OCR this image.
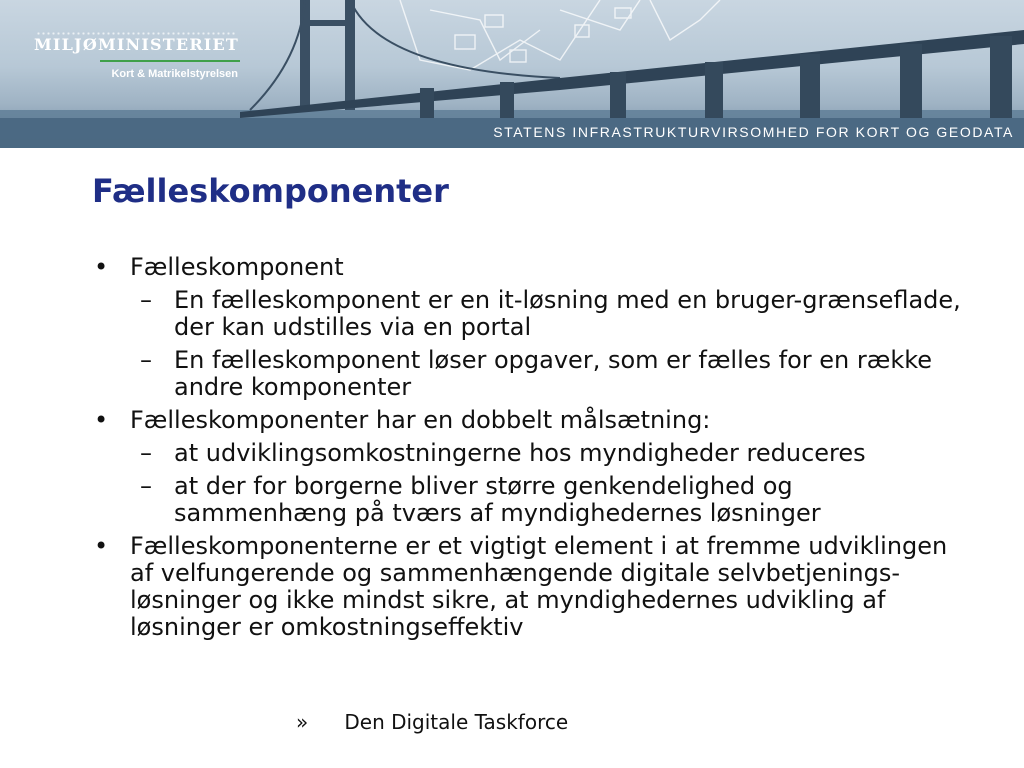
MILJØMINISTERIET
Kort & Matrikelstyrelsen
STATENS INFRASTRUKTURVIRSOMHED FOR KORT OG GEODATA
Fælleskomponenter
• Fælleskomponent
– En fælleskomponent er en it-løsning med en bruger-grænseflade, der kan udstilles via en portal
– En fælleskomponent løser opgaver, som er fælles for en række andre komponenter
• Fælleskomponenter har en dobbelt målsætning:
– at udviklingsomkostningerne hos myndigheder reduceres
– at der for borgerne bliver større genkendelighed og sammenhæng på tværs af myndighedernes løsninger
• Fælleskomponenterne er et vigtigt element i at fremme udviklingen af velfungerende og sammenhængende digitale selvbetjenings-løsninger og ikke mindst sikre, at myndighedernes udvikling af løsninger er omkostningseffektiv
» Den Digitale Taskforce
